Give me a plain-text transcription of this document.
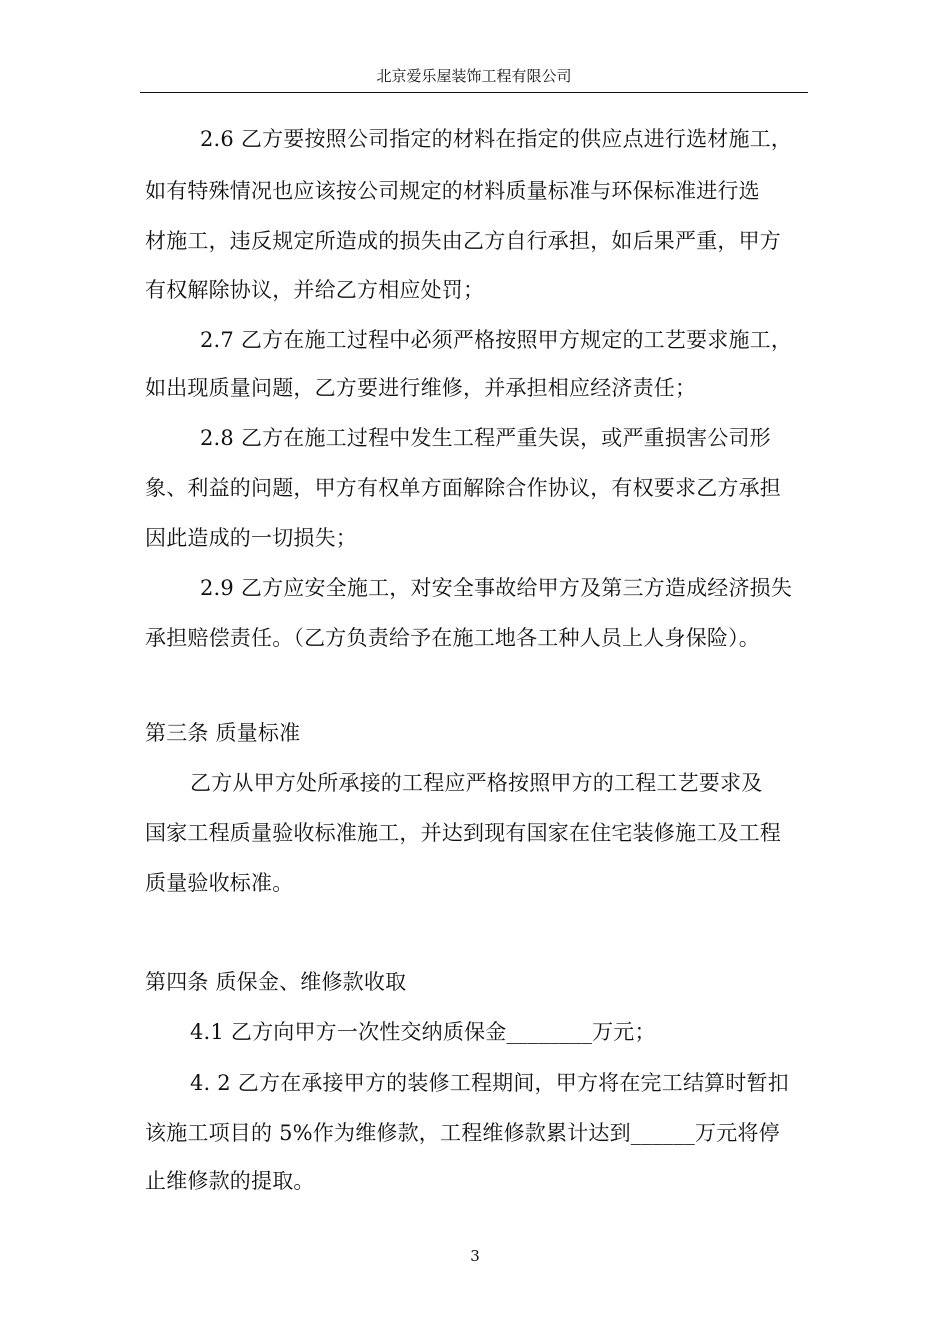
北京爱乐屋装饰工程有限公司
2.6 乙方要按照公司指定的材料在指定的供应点进行选材施工，
如有特殊情况也应该按公司规定的材料质量标准与环保标准进行选
材施工，违反规定所造成的损失由乙方自行承担，如后果严重，甲方
有权解除协议，并给乙方相应处罚；
2.7 乙方在施工过程中必须严格按照甲方规定的工艺要求施工，
如出现质量问题，乙方要进行维修，并承担相应经济责任；
2.8 乙方在施工过程中发生工程严重失误，或严重损害公司形
象、利益的问题，甲方有权单方面解除合作协议，有权要求乙方承担
因此造成的一切损失；
2.9 乙方应安全施工，对安全事故给甲方及第三方造成经济损失
承担赔偿责任。（乙方负责给予在施工地各工种人员上人身保险）。
第三条 质量标准
乙方从甲方处所承接的工程应严格按照甲方的工程工艺要求及
国家工程质量验收标准施工，并达到现有国家在住宅装修施工及工程
质量验收标准。
第四条 质保金、维修款收取
4.1 乙方向甲方一次性交纳质保金________万元；
4. 2 乙方在承接甲方的装修工程期间，甲方将在完工结算时暂扣
该施工项目的 5%作为维修款，工程维修款累计达到______万元将停
止维修款的提取。
3
